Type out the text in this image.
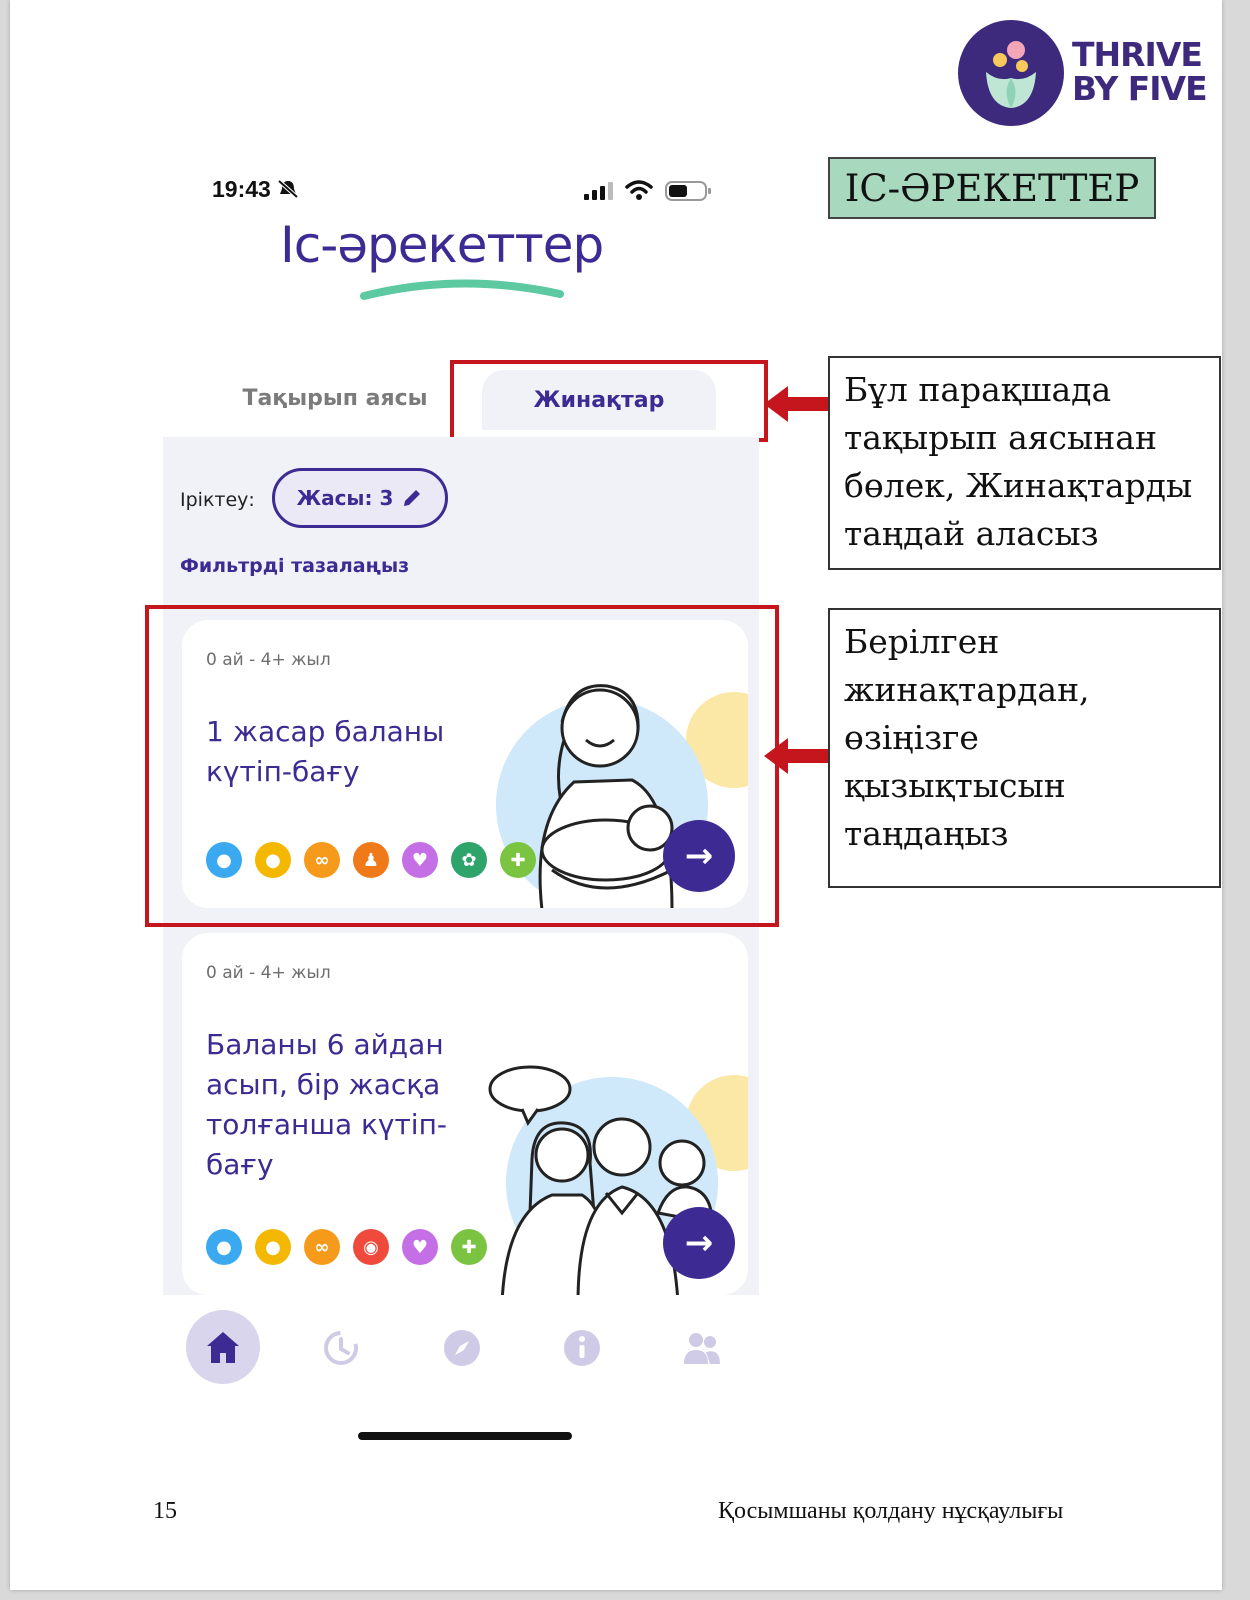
THRIVE
BY FIVE
ІС-ӘРЕКЕТТЕР
19:43
Іс-әрекеттер
Тақырып аясы	Жинақтар
Іріктеу: Жасы: 3
Фильтрді тазалаңыз
0 ай - 4+ жыл
1 жасар баланы күтіп-бағу
●	●	∞	♟	♥	✿	✚	→
0 ай - 4+ жыл
Баланы 6 айдан асып, бір жасқа толғанша күтіп-бағу
●	●	∞	◉	♥	✚	→
Бұл парақшада тақырып аясынан бөлек, Жинақтарды таңдай аласыз
Берілген жинақтардан, өзіңізге қызықтысын таңдаңыз
15	Қосымшаны қолдану нұсқаулығы
